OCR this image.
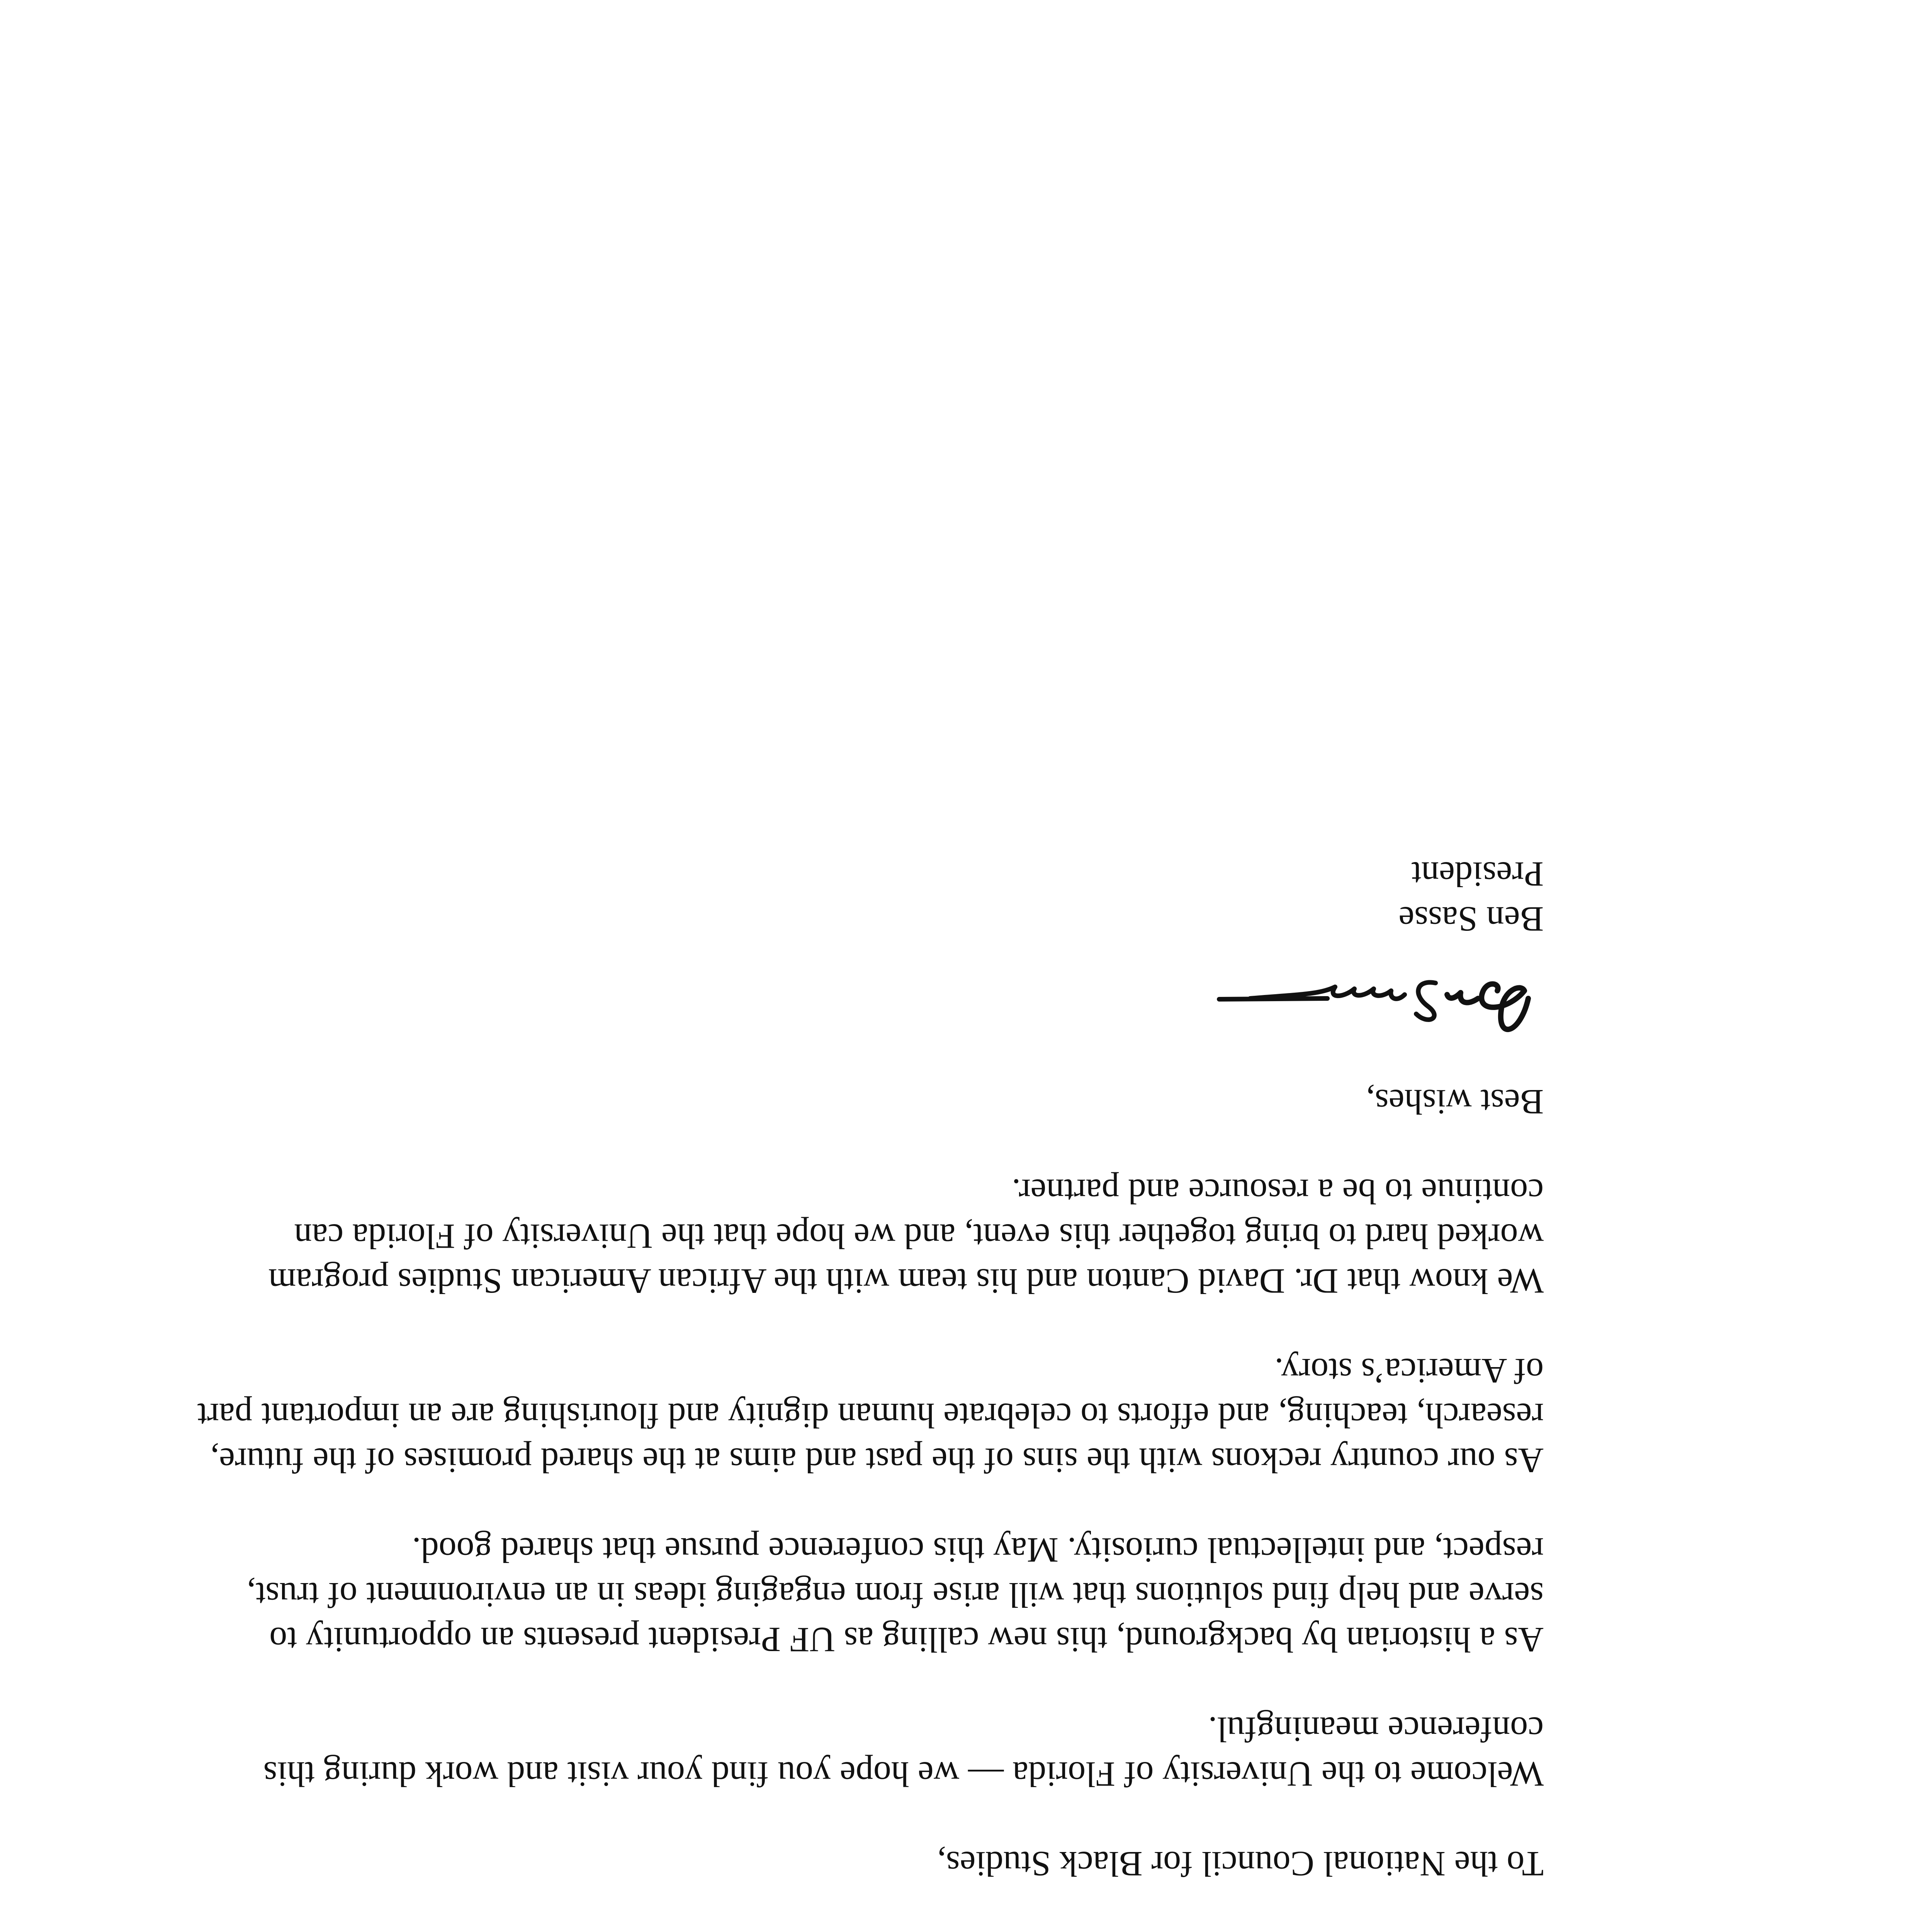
To the National Council for Black Studies,

Welcome to the University of Florida — we hope you find your visit and work during this conference meaningful.

As a historian by background, this new calling as UF President presents an opportunity to serve and help find solutions that will arise from engaging ideas in an environment of trust, respect, and intellectual curiosity. May this conference pursue that shared good.

As our country reckons with the sins of the past and aims at the shared promises of the future, research, teaching, and efforts to celebrate human dignity and flourishing are an important part of America’s story.

We know that Dr. David Canton and his team with the African American Studies program worked hard to bring together this event, and we hope that the University of Florida can continue to be a resource and partner.

Best wishes,
Ben Sasse
President
